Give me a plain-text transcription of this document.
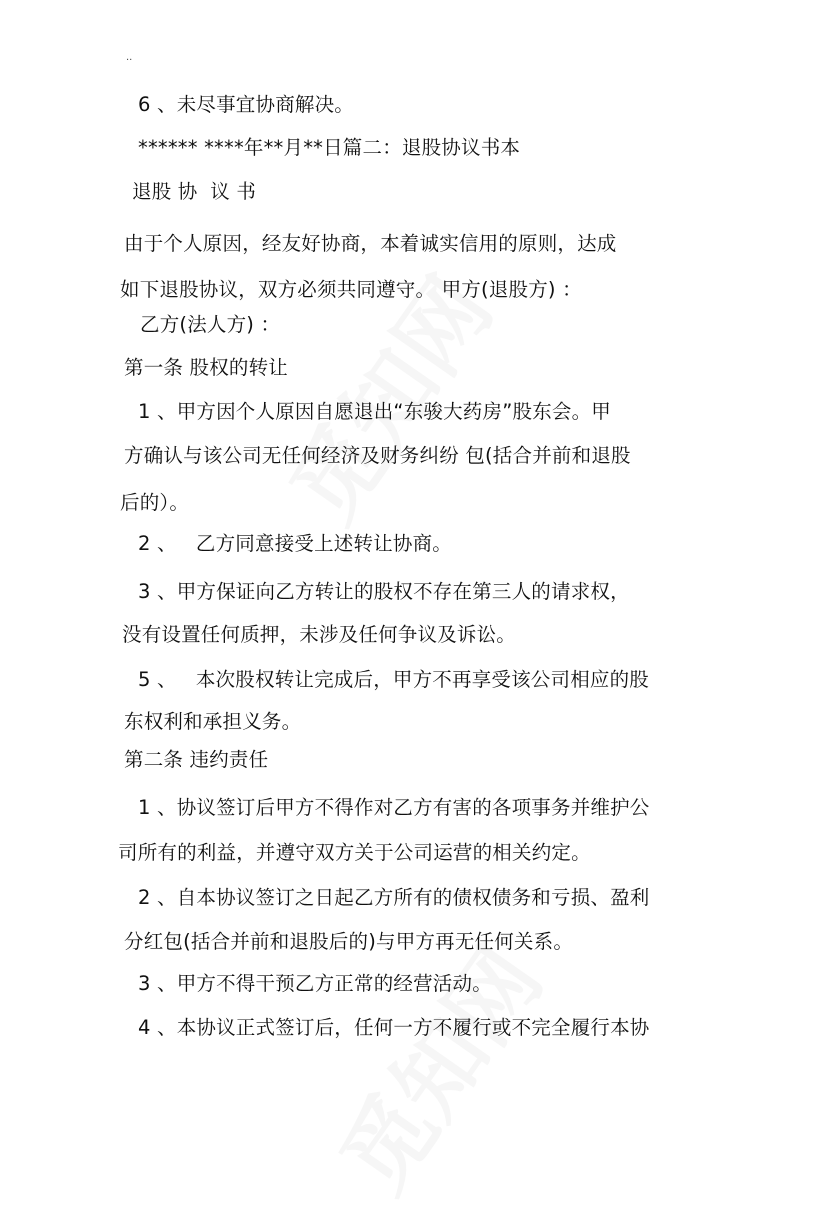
..
6 、未尽事宜协商解决。
****** ****年**月**日篇二：退股协议书本
退股 协  议 书
由于个人原因，经友好协商，本着诚实信用的原则，达成
如下退股协议，双方必须共同遵守。 甲方(退股方) ：
乙方(法人方) ：
第一条 股权的转让
1 、甲方因个人原因自愿退出“东骏大药房”股东会。甲
方确认与该公司无任何经济及财务纠纷 包(括合并前和退股
后的）。
2 、   乙方同意接受上述转让协商。
3 、甲方保证向乙方转让的股权不存在第三人的请求权，
没有设置任何质押，未涉及任何争议及诉讼。
5 、   本次股权转让完成后，甲方不再享受该公司相应的股
东权利和承担义务。
第二条 违约责任
1 、协议签订后甲方不得作对乙方有害的各项事务并维护公
司所有的利益，并遵守双方关于公司运营的相关约定。
2 、自本协议签订之日起乙方所有的债权债务和亏损、盈利
分红包(括合并前和退股后的)与甲方再无任何关系。
3 、甲方不得干预乙方正常的经营活动。
4 、本协议正式签订后，任何一方不履行或不完全履行本协
